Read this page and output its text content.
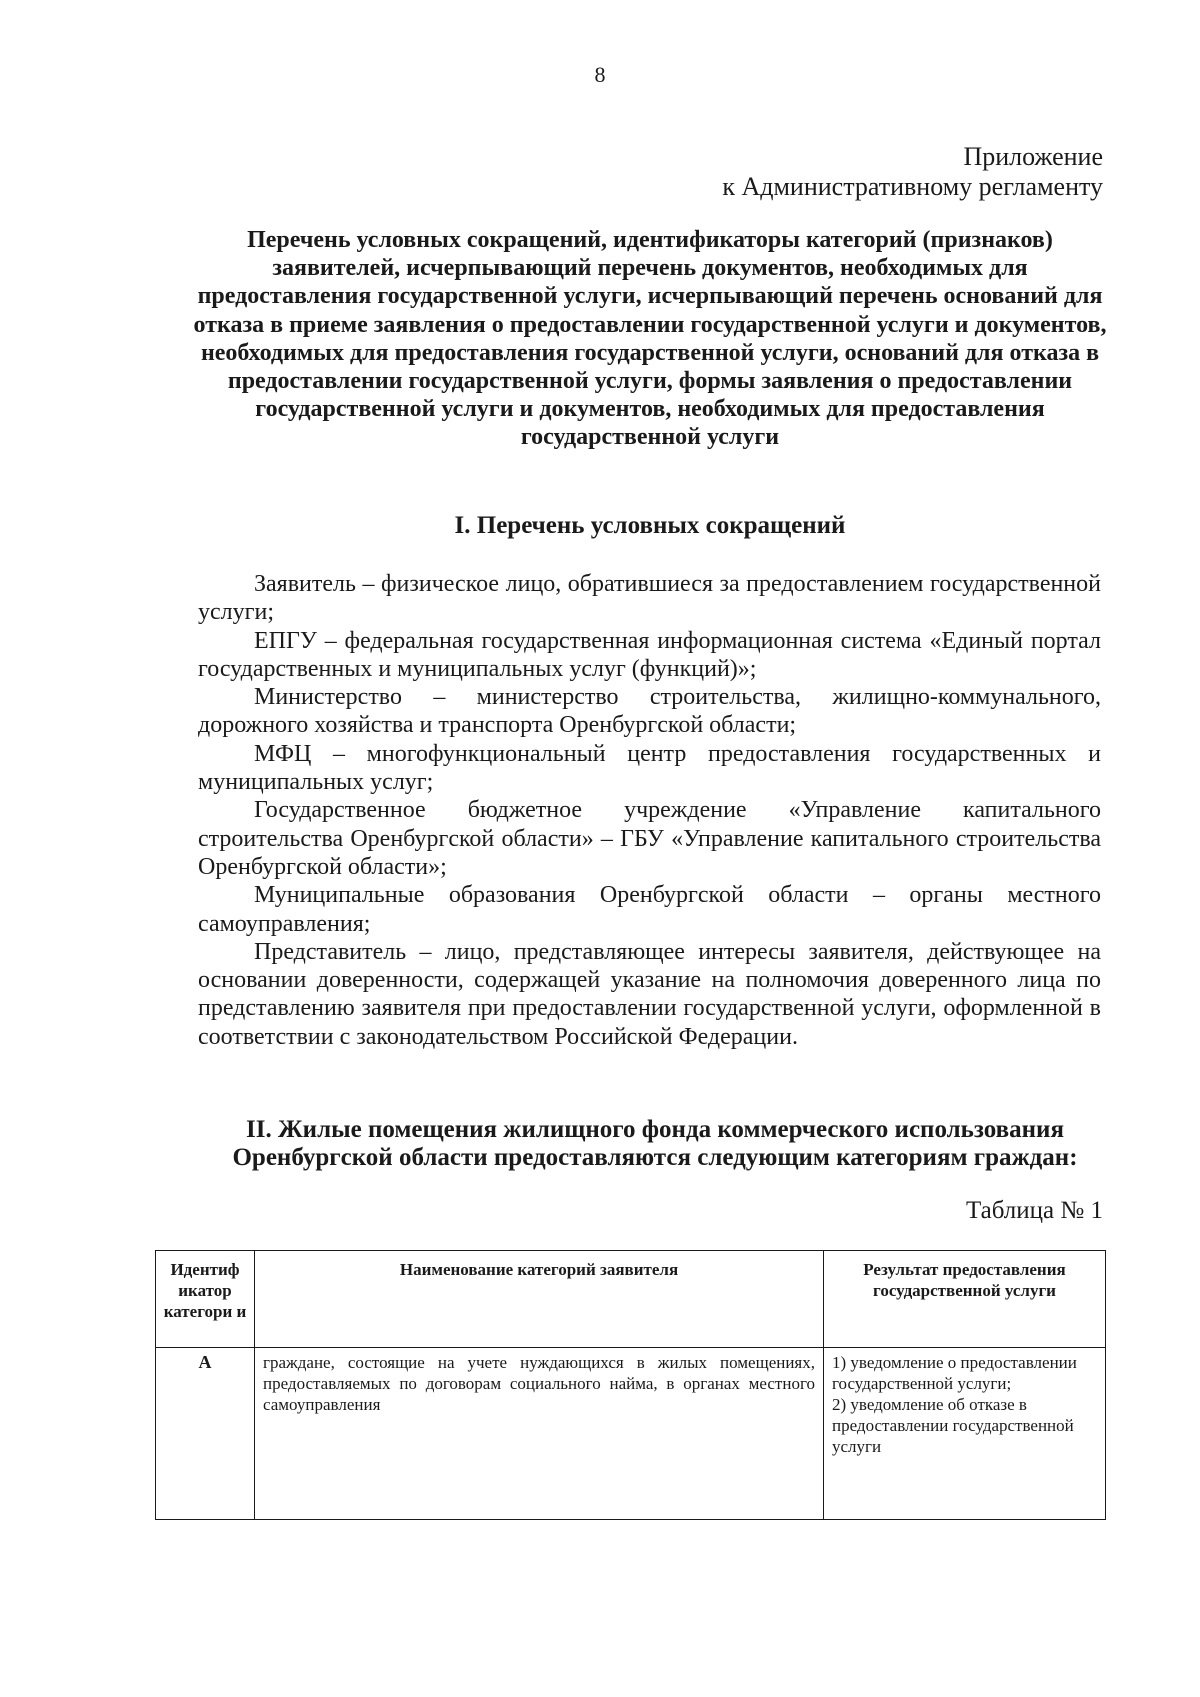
8
Приложение
к Административному регламенту
Перечень условных сокращений, идентификаторы категорий (признаков) заявителей, исчерпывающий перечень документов, необходимых для предоставления государственной услуги, исчерпывающий перечень оснований для отказа в приеме заявления о предоставлении государственной услуги и документов, необходимых для предоставления государственной услуги, оснований для отказа в предоставлении государственной услуги, формы заявления о предоставлении государственной услуги и документов, необходимых для предоставления государственной услуги
I. Перечень условных сокращений

Заявитель – физическое лицо, обратившиеся за предоставлением государственной услуги;

ЕПГУ – федеральная государственная информационная система «Единый портал государственных и муниципальных услуг (функций)»;

Министерство – министерство строительства, жилищно-коммунального, дорожного хозяйства и транспорта Оренбургской области;

МФЦ – многофункциональный центр предоставления государственных и муниципальных услуг;

Государственное бюджетное учреждение «Управление капитального строительства Оренбургской области» – ГБУ «Управление капитального строительства Оренбургской области»;

Муниципальные образования Оренбургской области – органы местного самоуправления;

Представитель – лицо, представляющее интересы заявителя, действующее на основании доверенности, содержащей указание на полномочия доверенного лица по представлению заявителя при предоставлении государственной услуги, оформленной в соответствии с законодательством Российской Федерации.

II. Жилые помещения жилищного фонда коммерческого использования Оренбургской области предоставляются следующим категориям граждан:
Таблица № 1
Идентиф икатор категори и	Наименование категорий заявителя	Результат предоставления государственной услуги
А	граждане, состоящие на учете нуждающихся в жилых помещениях, предоставляемых по договорам социального найма, в органах местного самоуправления	1) уведомление о предоставлении государственной услуги;
2) уведомление об отказе в предоставлении государственной услуги
